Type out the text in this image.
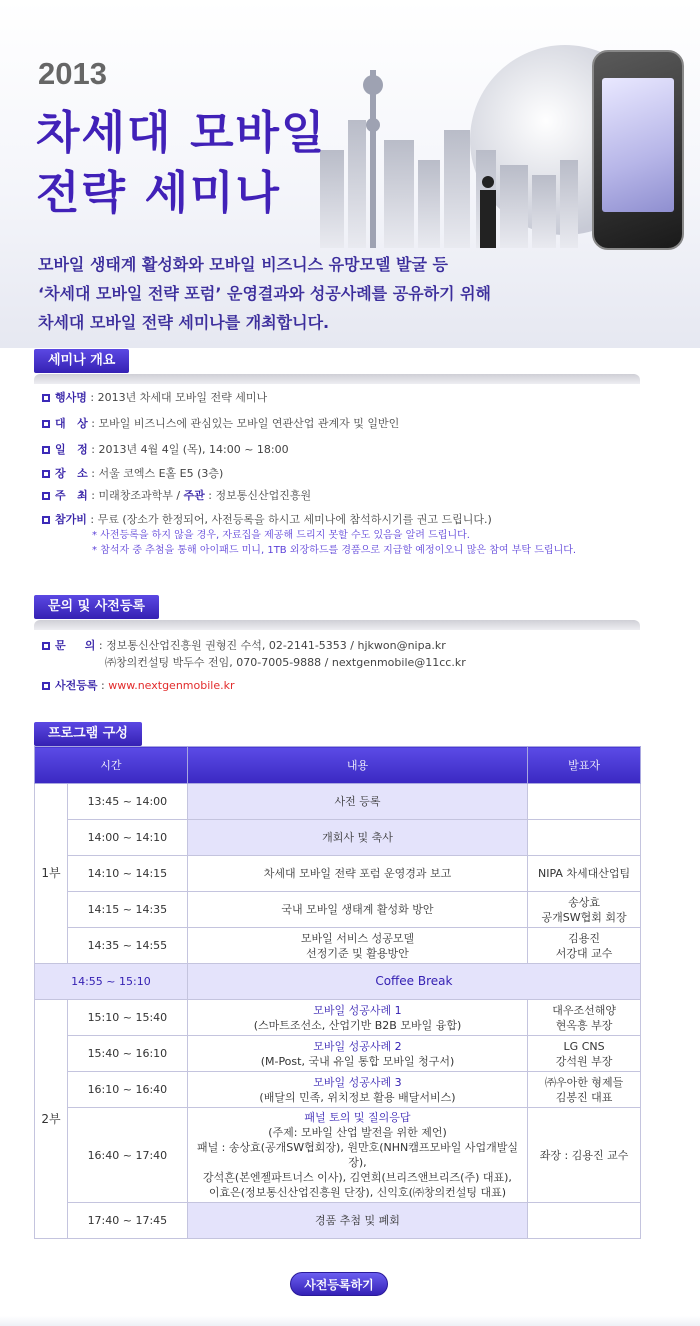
2013
차세대 모바일
전략 세미나
모바일 생태계 활성화와 모바일 비즈니스 유망모델 발굴 등
‘차세대 모바일 전략 포럼’ 운영결과와 성공사례를 공유하기 위해
차세대 모바일 전략 세미나를 개최합니다.
세미나 개요
행사명 : 2013년 차세대 모바일 전략 세미나
대   상 : 모바일 비즈니스에 관심있는 모바일 연관산업 관계자 및 일반인
일   정 : 2013년 4월 4일 (목), 14:00 ~ 18:00
장   소 : 서울 코엑스 E홀 E5 (3층)
주   최 : 미래창조과학부 / 주관 : 정보통신산업진흥원
참가비 : 무료 (장소가 한정되어, 사전등록을 하시고 세미나에 참석하시기를 권고 드립니다.)
* 사전등록을 하지 않을 경우, 자료집을 제공해 드리지 못할 수도 있음을 알려 드립니다.
* 참석자 중 추첨을 통해 아이패드 미니, 1TB 외장하드를 경품으로 지급할 예정이오니 많은 참여 부탁 드립니다.
문의 및 사전등록
문     의 : 정보통신산업진흥원 권형진 수석, 02-2141-5353 / hjkwon@nipa.kr
㈜창의컨설팅 박두수 전임, 070-7005-9888 / nextgenmobile@11cc.kr
사전등록 : www.nextgenmobile.kr
프로그램 구성
시간		내용	발표자
1부	13:45 ~ 14:00	사전 등록	
	14:00 ~ 14:10	개회사 및 축사	
	14:10 ~ 14:15	차세대 모바일 전략 포럼 운영경과 보고	NIPA 차세대산업팀
	14:15 ~ 14:35	국내 모바일 생태계 활성화 방안	송상효
공개SW협회 회장

	14:35 ~ 14:55	모바일 서비스 성공모델
선정기준 및 활용방안	김용진
서강대 교수

14:55 ~ 15:10		Coffee Break	
2부	15:10 ~ 15:40	모바일 성공사례 1
(스마트조선소, 산업기반 B2B 모바일 융합)	대우조선해양
현옥흥 부장

	15:40 ~ 16:10	모바일 성공사례 2
(M-Post, 국내 유일 통합 모바일 청구서)	LG CNS
강석원 부장

	16:10 ~ 16:40	모바일 성공사례 3
(배달의 민족, 위치정보 활용 배달서비스)	㈜우아한 형제들
김봉진 대표

	16:40 ~ 17:40	패널 토의 및 질의응답
(주제: 모바일 산업 발전을 위한 제언)
패널 : 송상효(공개SW협회장), 원만호(NHN캠프모바일 사업개발실장),
강석흔(본엔젤파트너스 이사), 김연희(브리즈앤브리즈(주) 대표),
이효은(정보통신산업진흥원 단장), 신익호(㈜창의컨설팅 대표)	좌장 : 김용진 교수
	17:40 ~ 17:45	경품 추첨 및 폐회	
사전등록하기
